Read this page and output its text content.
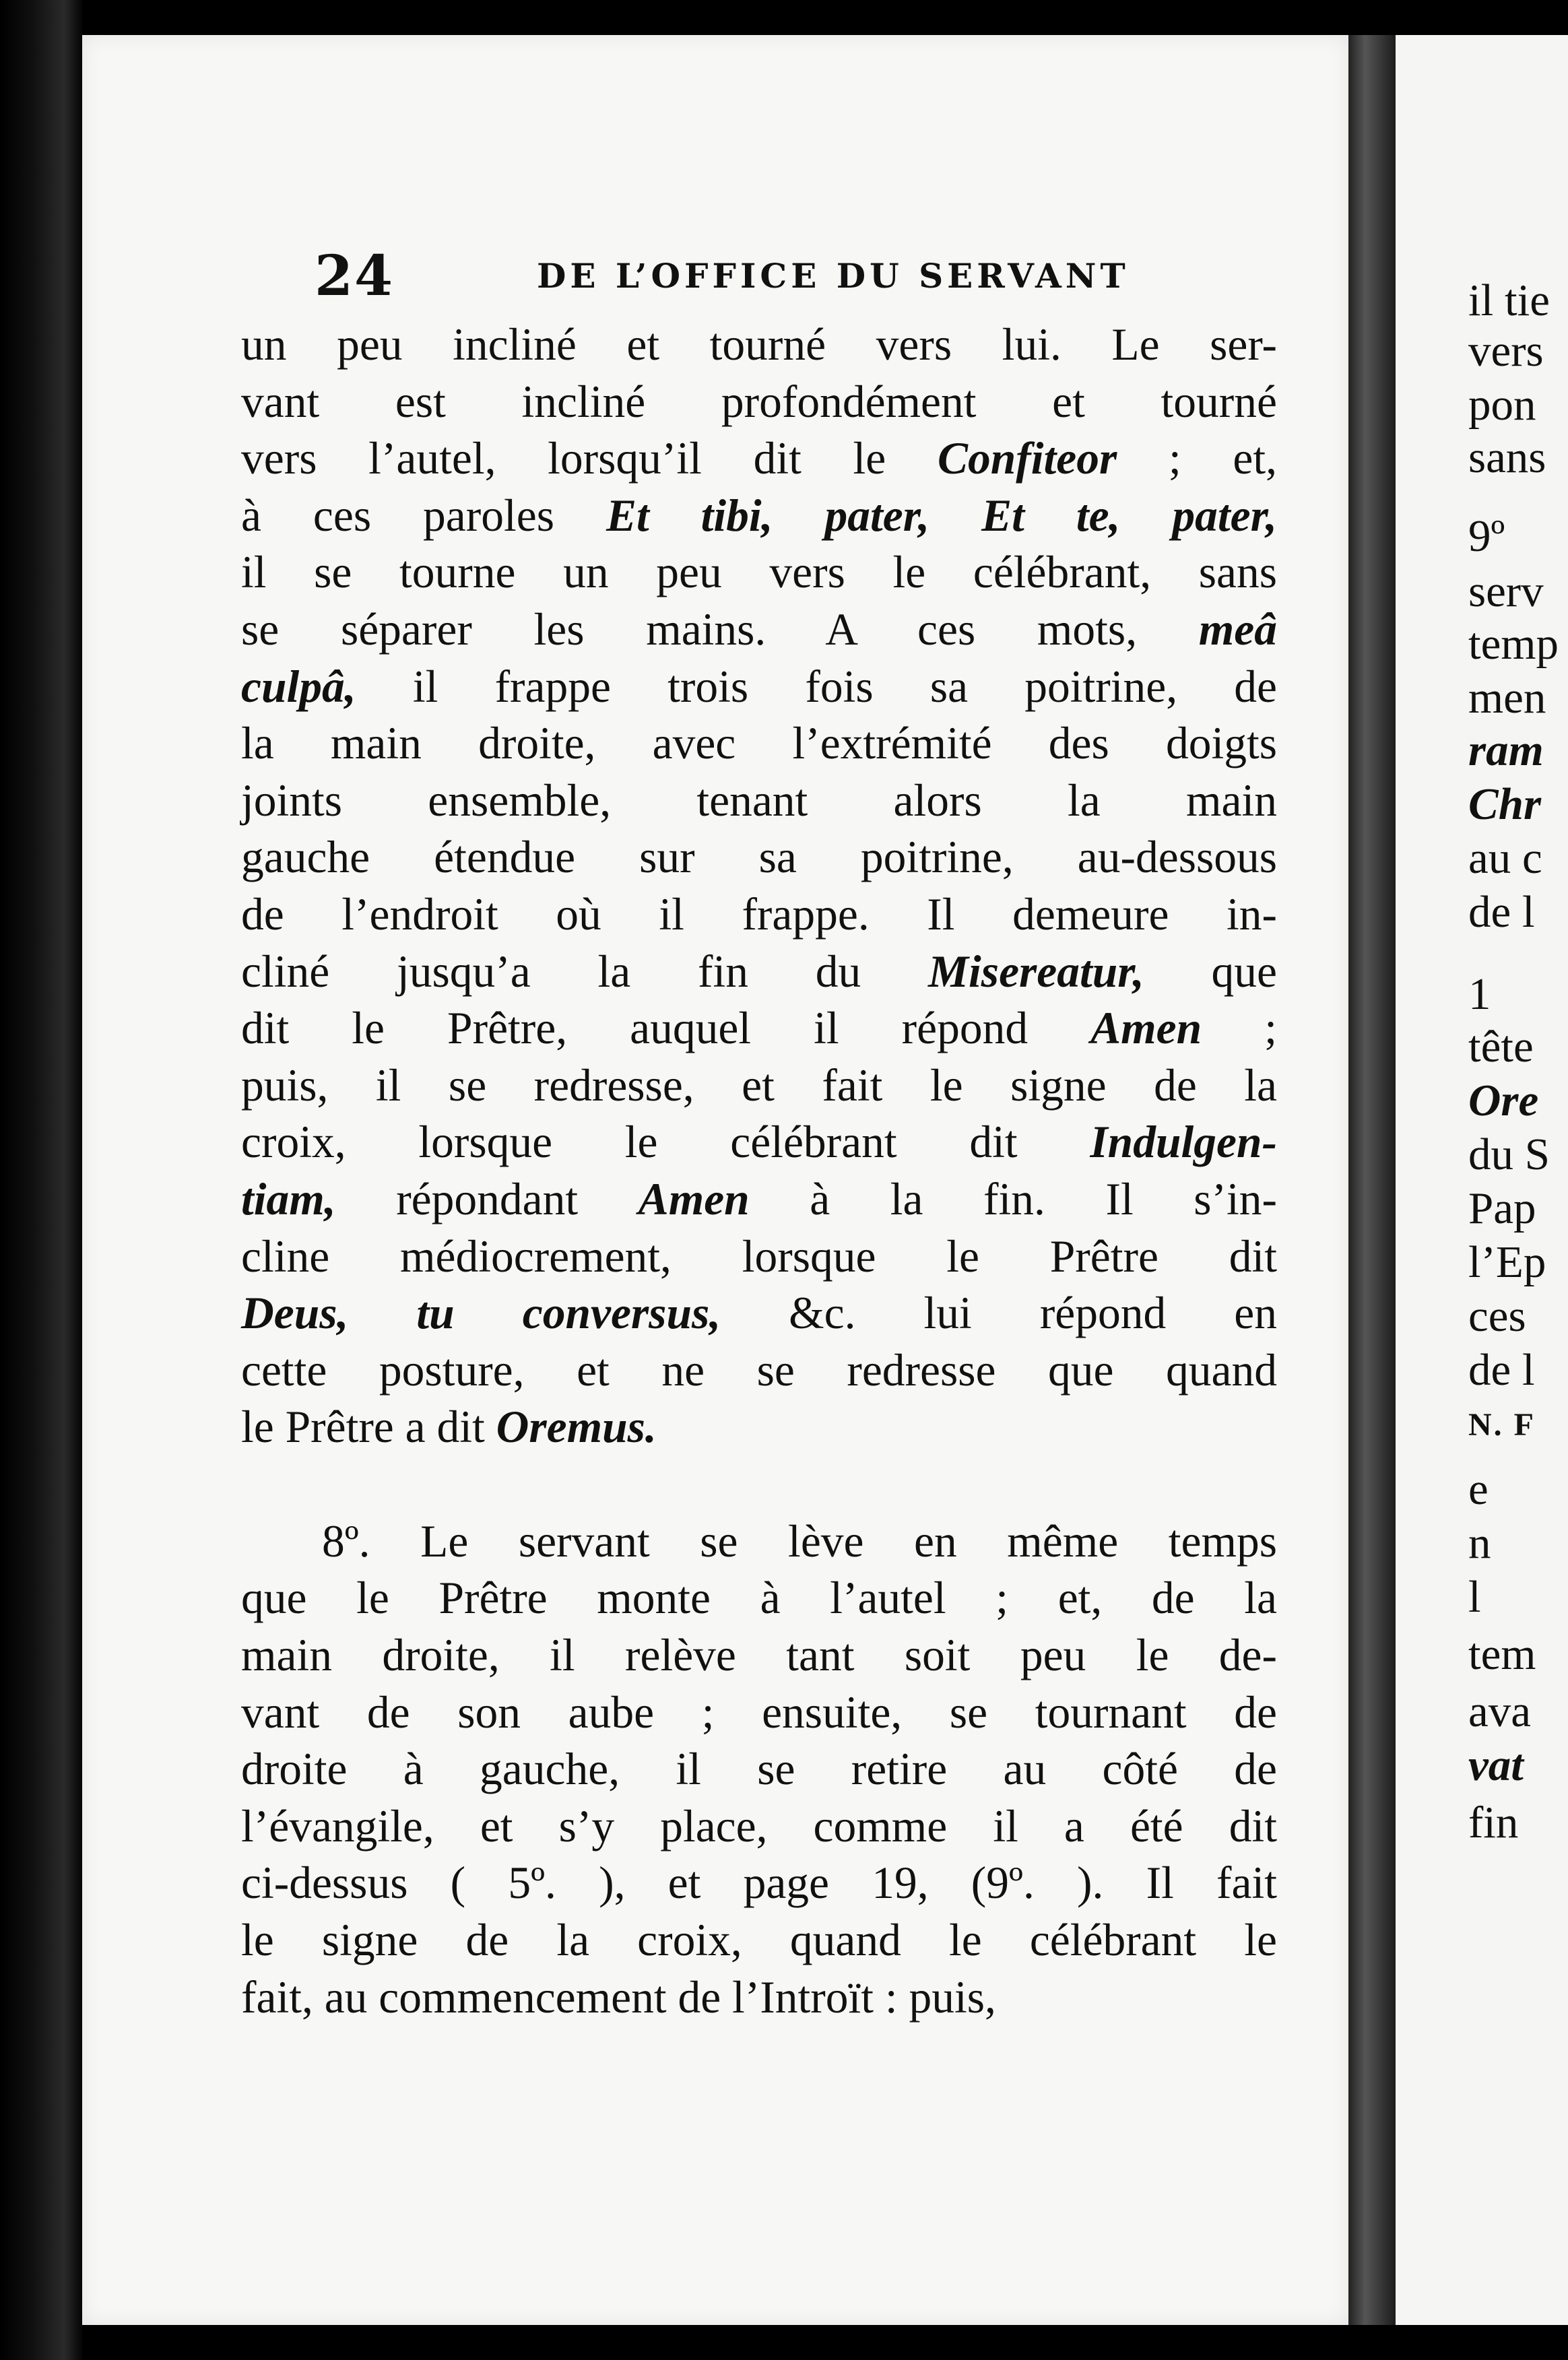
24	DE L’OFFICE DU SERVANT
un peu incliné et tourné vers lui. Le ser-
vant est incliné profondément et tourné
vers l’autel, lorsqu’il dit le Confiteor ; et,
à ces paroles Et tibi, pater, Et te, pater,
il se tourne un peu vers le célébrant, sans
se séparer les mains. A ces mots, meâ
culpâ, il frappe trois fois sa poitrine, de
la main droite, avec l’extrémité des doigts
joints ensemble, tenant alors la main
gauche étendue sur sa poitrine, au-dessous
de l’endroit où il frappe. Il demeure in-
cliné jusqu’a la fin du Misereatur, que
dit le Prêtre, auquel il répond Amen ;
puis, il se redresse, et fait le signe de la
croix, lorsque le célébrant dit Indulgen-
tiam, répondant Amen à la fin. Il s’in-
cline médiocrement, lorsque le Prêtre dit
Deus, tu conversus, &c. lui répond en
cette posture, et ne se redresse que quand
le Prêtre a dit Oremus.
8º. Le servant se lève en même temps
que le Prêtre monte à l’autel ; et, de la
main droite, il relève tant soit peu le de-
vant de son aube ; ensuite, se tournant de
droite à gauche, il se retire au côté de
l’évangile, et s’y place, comme il a été dit
ci-dessus ( 5º. ), et page 19, (9º. ). Il fait
le signe de la croix, quand le célébrant le
fait, au commencement de l’Introït : puis,
il tie
vers
pon
sans
9º
serv
temp
men
ram
Chr
au c
de l
1
tête
Ore
du S
Pap
l’Ep
ces
de l
N. F
e
n
l
tem
ava
vat
fin
